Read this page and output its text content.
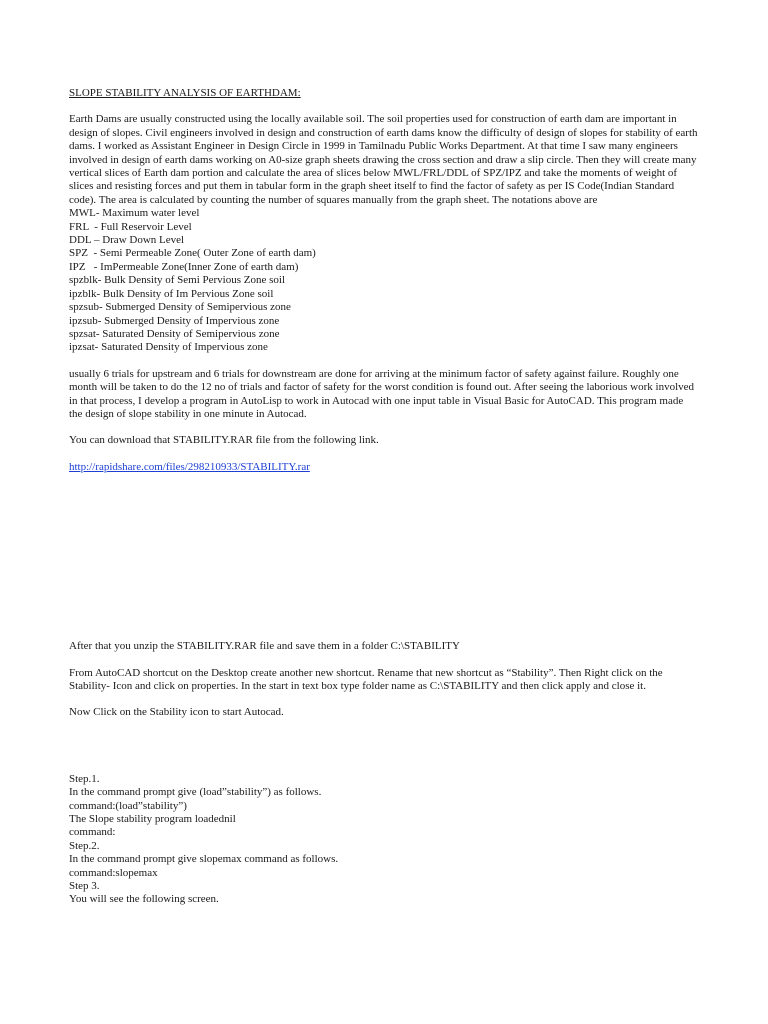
SLOPE STABILITY ANALYSIS OF EARTHDAM:

Earth Dams are usually constructed using the locally available soil. The soil properties used for construction of earth dam are important in design of slopes. Civil engineers involved in design and construction of earth dams know the difficulty of design of slopes for stability of earth dams. I worked as Assistant Engineer in Design Circle in 1999 in Tamilnadu Public Works Department. At that time I saw many engineers involved in design of earth dams working on A0-size graph sheets drawing the cross section and draw a slip circle. Then they will create many vertical slices of Earth dam portion and calculate the area of slices below MWL/FRL/DDL of SPZ/IPZ and take the moments of weight of slices and resisting forces and put them in tabular form in the graph sheet itself to find the factor of safety as per IS Code(Indian Standard code). The area is calculated by counting the number of squares manually from the graph sheet. The notations above are

MWL- Maximum water level
FRL  - Full Reservoir Level
DDL – Draw Down Level
SPZ  - Semi Permeable Zone( Outer Zone of earth dam)
IPZ   - ImPermeable Zone(Inner Zone of earth dam)
spzblk- Bulk Density of Semi Pervious Zone soil
ipzblk- Bulk Density of Im Pervious Zone soil
spzsub- Submerged Density of Semipervious zone
ipzsub- Submerged Density of Impervious zone
spzsat- Saturated Density of Semipervious zone
ipzsat- Saturated Density of Impervious zone

usually 6 trials for upstream and 6 trials for downstream are done for arriving at the minimum factor of safety against failure. Roughly one month will be taken to do the 12 no of trials and factor of safety for the worst condition is found out. After seeing the laborious work involved in that process, I develop a program in AutoLisp to work in Autocad with one input table in Visual Basic for AutoCAD. This program made the design of slope stability in one minute in Autocad.

You can download that STABILITY.RAR file from the following link.

http://rapidshare.com/files/298210933/STABILITY.rar

After that you unzip the STABILITY.RAR file and save them in a folder C:\STABILITY

From AutoCAD shortcut on the Desktop create another new shortcut. Rename that new shortcut as “Stability”. Then Right click on the Stability- Icon and click on properties. In the start in text box type folder name as C:\STABILITY and then click apply and close it.

Now Click on the Stability icon to start Autocad.

Step.1.
In the command prompt give (load”stability”) as follows.
command:(load”stability”)
The Slope stability program loadednil
command:
Step.2.
In the command prompt give slopemax command as follows.
command:slopemax
Step 3.
You will see the following screen.
